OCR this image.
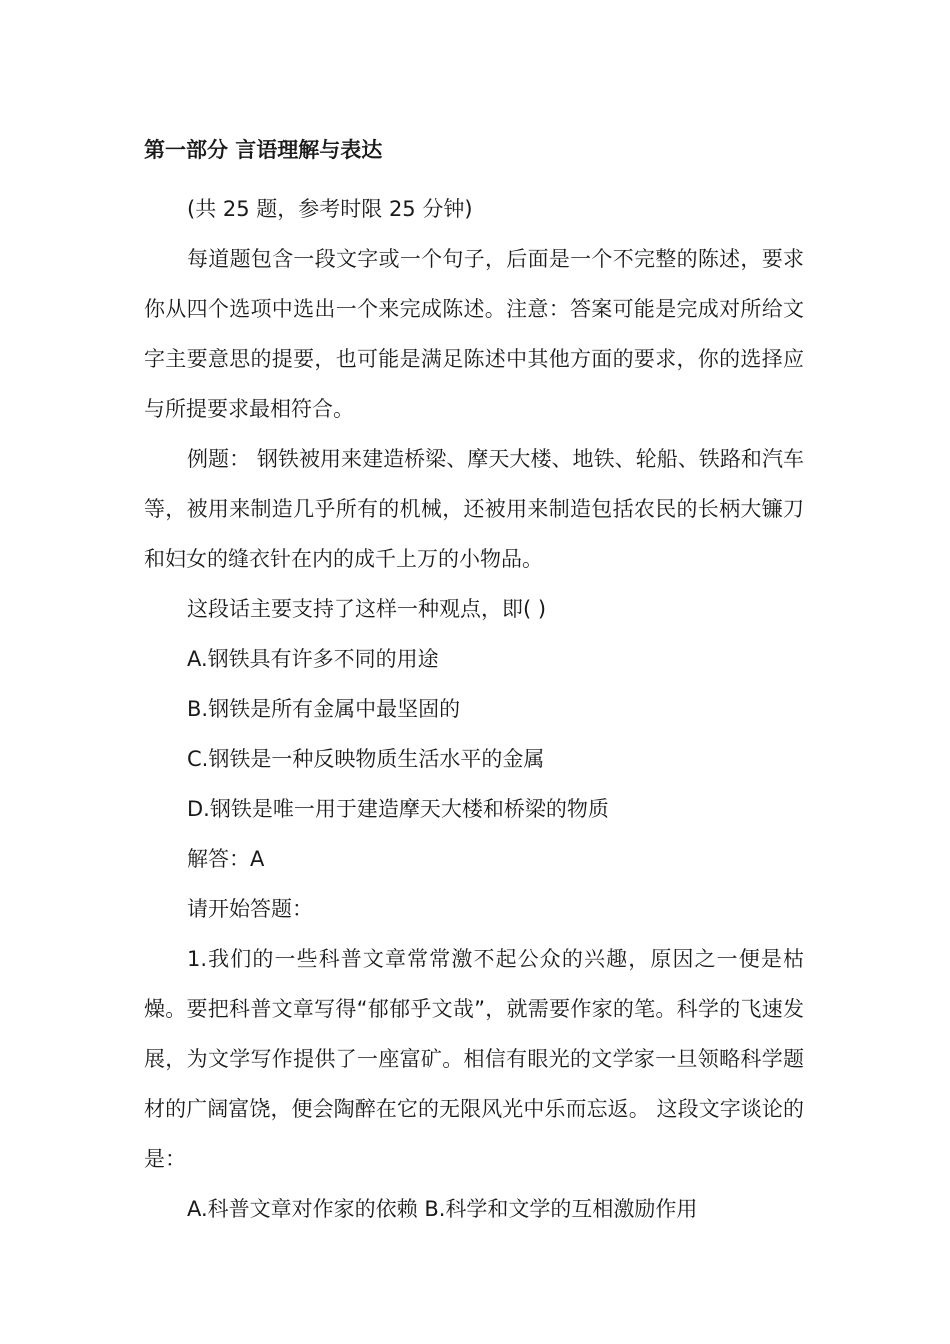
第一部分 言语理解与表达

(共 25 题，参考时限 25 分钟)

每道题包含一段文字或一个句子，后面是一个不完整的陈述，要求你从四个选项中选出一个来完成陈述。注意：答案可能是完成对所给文字主要意思的提要，也可能是满足陈述中其他方面的要求，你的选择应与所提要求最相符合。

例题： 钢铁被用来建造桥梁、摩天大楼、地铁、轮船、铁路和汽车等，被用来制造几乎所有的机械，还被用来制造包括农民的长柄大镰刀和妇女的缝衣针在内的成千上万的小物品。

这段话主要支持了这样一种观点，即( )

A.钢铁具有许多不同的用途

B.钢铁是所有金属中最坚固的

C.钢铁是一种反映物质生活水平的金属

D.钢铁是唯一用于建造摩天大楼和桥梁的物质

解答：A

请开始答题：

1.我们的一些科普文章常常激不起公众的兴趣，原因之一便是枯燥。要把科普文章写得“郁郁乎文哉”，就需要作家的笔。科学的飞速发展，为文学写作提供了一座富矿。相信有眼光的文学家一旦领略科学题材的广阔富饶，便会陶醉在它的无限风光中乐而忘返。 这段文字谈论的是：

A.科普文章对作家的依赖 B.科学和文学的互相激励作用
